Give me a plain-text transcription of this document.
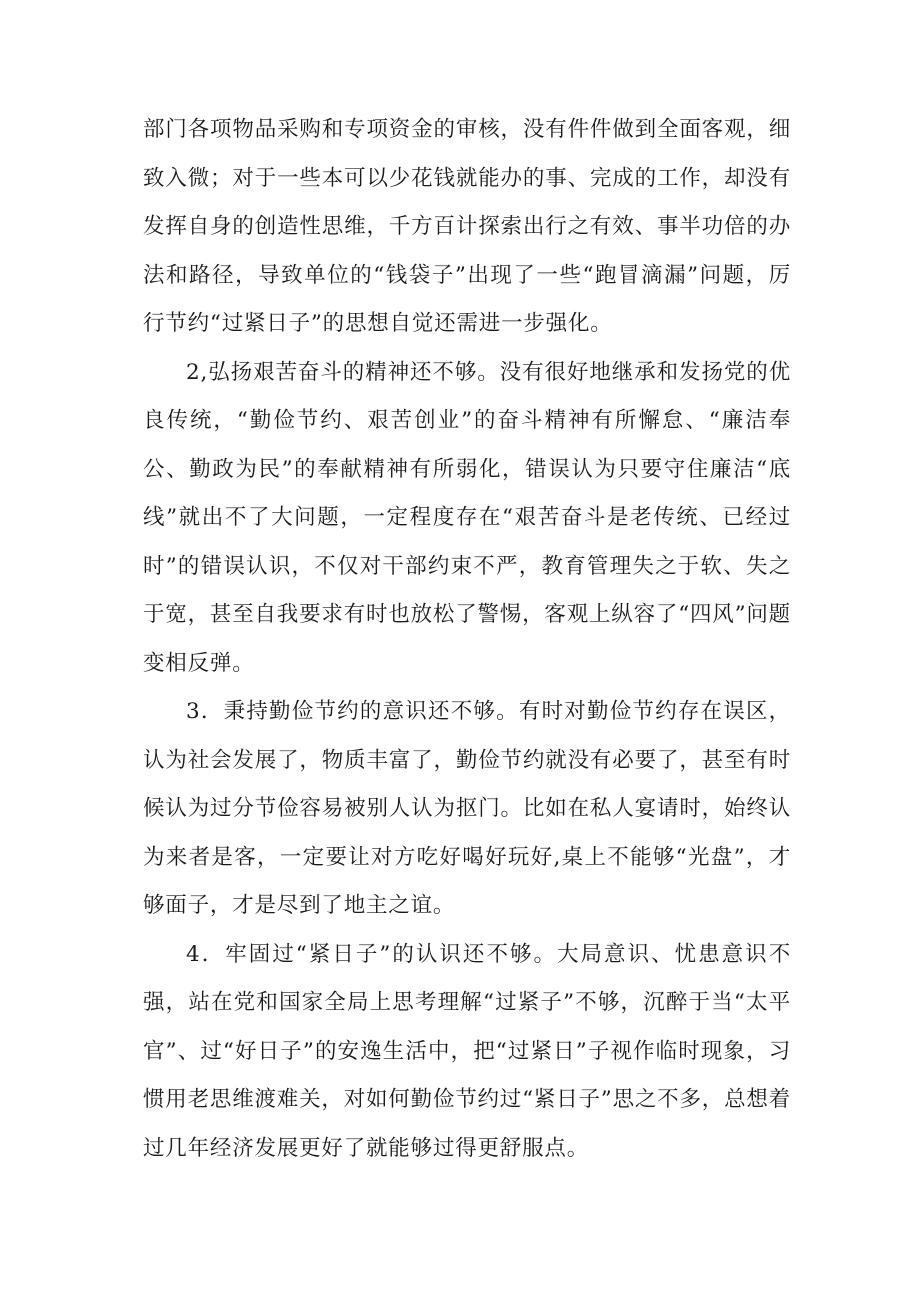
部门各项物品采购和专项资金的审核，没有件件做到全面客观，细致入微；对于一些本可以少花钱就能办的事、完成的工作，却没有发挥自身的创造性思维，千方百计探索出行之有效、事半功倍的办法和路径，导致单位的“钱袋子”出现了一些“跑冒滴漏”问题，厉行节约“过紧日子”的思想自觉还需进一步强化。

2,弘扬艰苦奋斗的精神还不够。没有很好地继承和发扬党的优良传统，“勤俭节约、艰苦创业”的奋斗精神有所懈怠、“廉洁奉公、勤政为民”的奉献精神有所弱化，错误认为只要守住廉洁“底线”就出不了大问题，一定程度存在“艰苦奋斗是老传统、已经过时”的错误认识，不仅对干部约束不严，教育管理失之于软、失之于宽，甚至自我要求有时也放松了警惕，客观上纵容了“四风”问题变相反弹。

3．秉持勤俭节约的意识还不够。有时对勤俭节约存在误区，认为社会发展了，物质丰富了，勤俭节约就没有必要了，甚至有时候认为过分节俭容易被别人认为抠门。比如在私人宴请时，始终认为来者是客，一定要让对方吃好喝好玩好,桌上不能够“光盘”，才够面子，才是尽到了地主之谊。

4．牢固过“紧日子”的认识还不够。大局意识、忧患意识不强，站在党和国家全局上思考理解“过紧子”不够，沉醉于当“太平官”、过“好日子”的安逸生活中，把“过紧日”子视作临时现象，习惯用老思维渡难关，对如何勤俭节约过“紧日子”思之不多，总想着过几年经济发展更好了就能够过得更舒服点。
